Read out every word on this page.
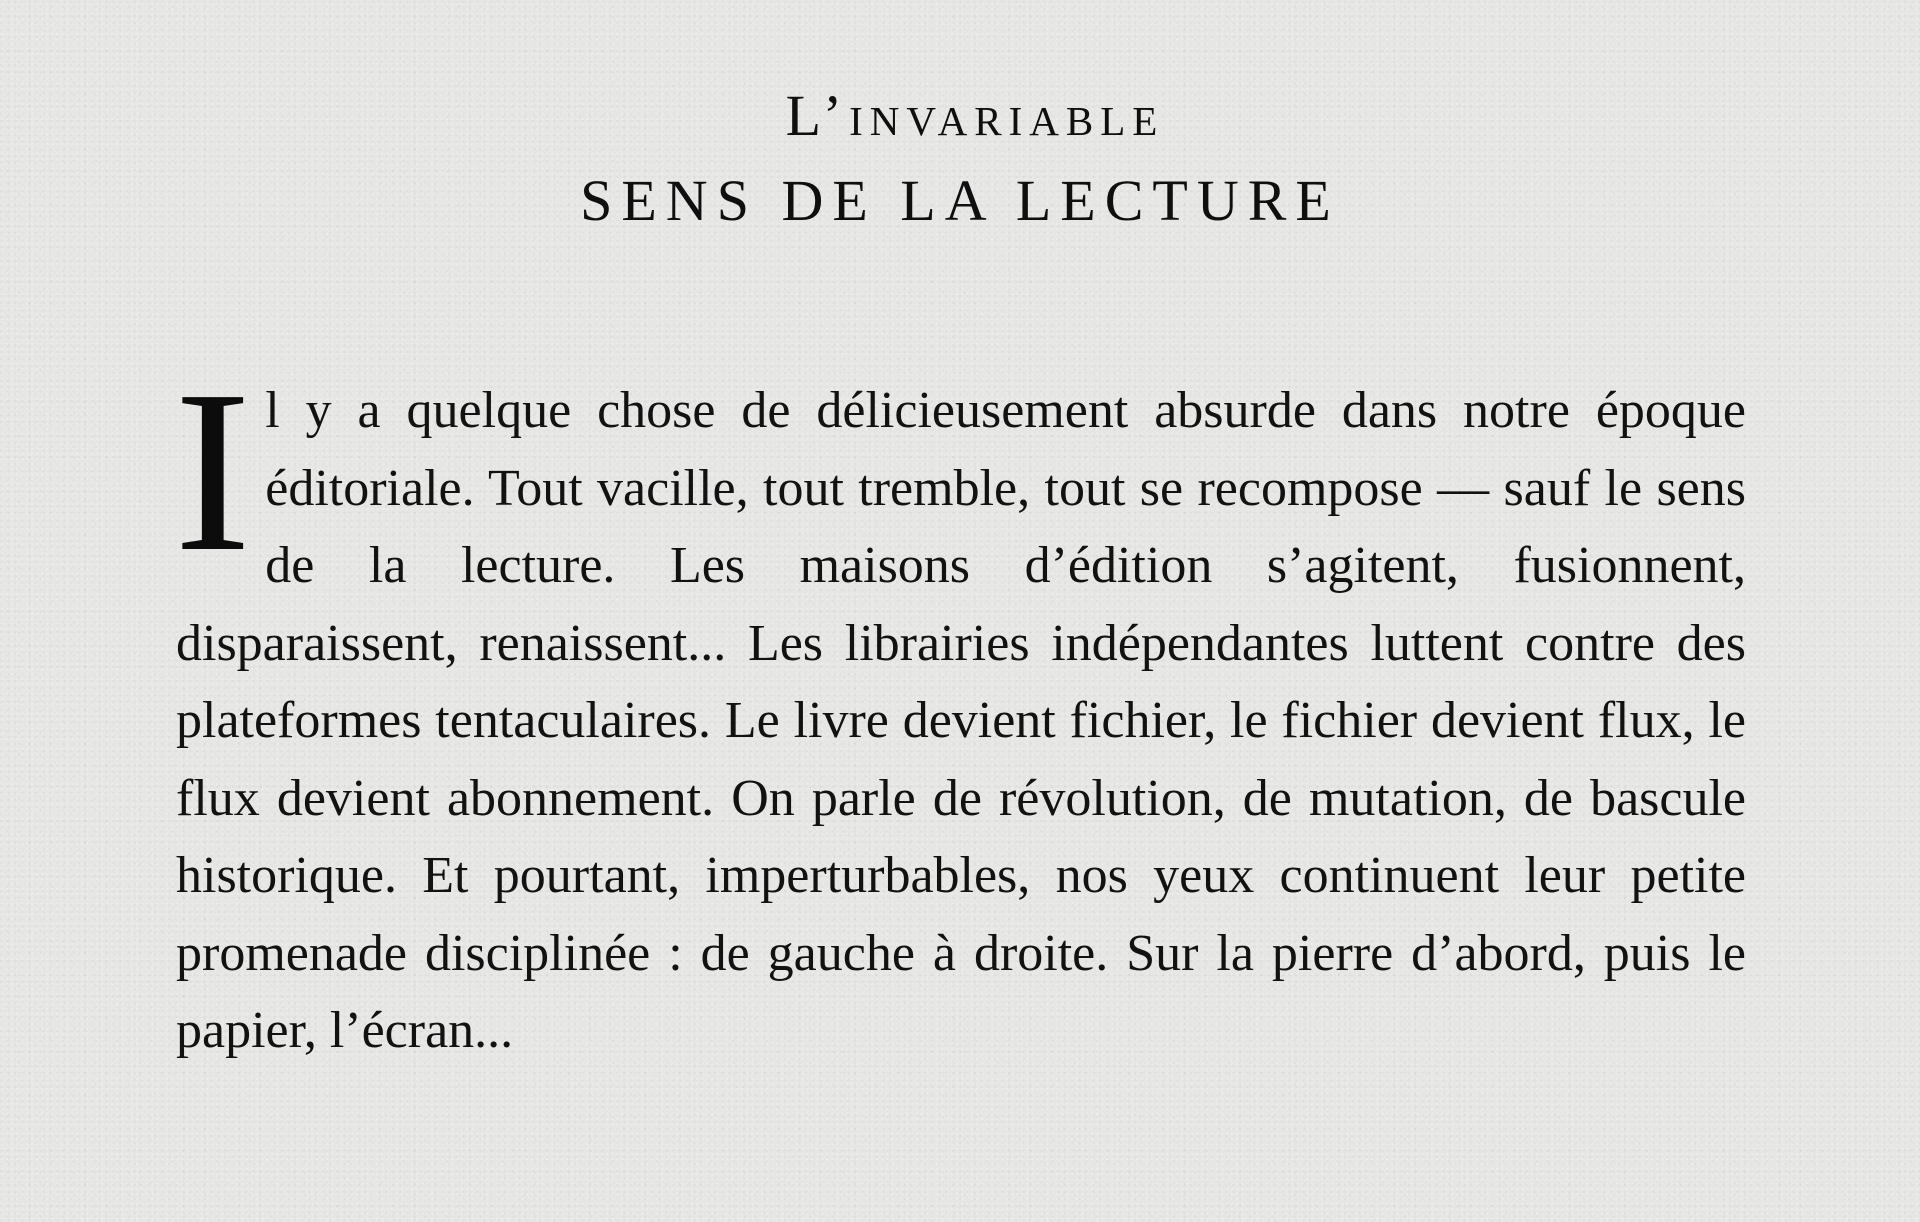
L’invariable
SENS DE LA LECTURE
I l y a quelque chose de délicieusement absurde dans notre époque éditoriale. Tout vacille, tout tremble, tout se recompose — sauf le sens de la lecture. Les maisons d’édition s’agitent, fusionnent, disparaissent, renaissent... Les librairies indépendantes luttent contre des plateformes tentaculaires. Le livre devient fichier, le fichier devient flux, le flux devient abonnement. On parle de révolution, de mutation, de bascule historique. Et pourtant, imperturbables, nos yeux continuent leur petite promenade disciplinée : de gauche à droite. Sur la pierre d’abord, puis le papier, l’écran...
